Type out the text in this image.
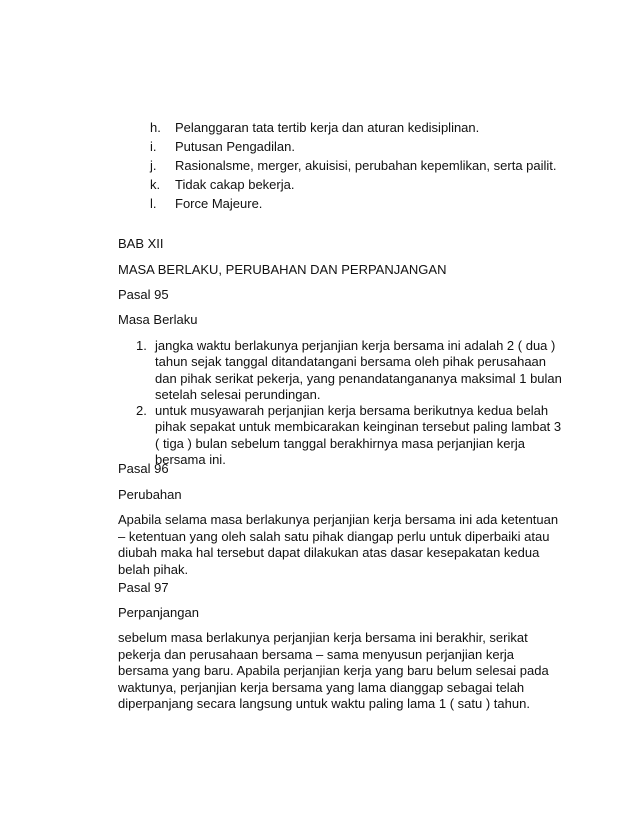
h. Pelanggaran tata tertib kerja dan aturan kedisiplinan.
i. Putusan Pengadilan.
j. Rasionalsme, merger, akuisisi, perubahan kepemlikan, serta pailit.
k. Tidak cakap bekerja.
l. Force Majeure.

BAB XII

MASA BERLAKU, PERUBAHAN DAN PERPANJANGAN

Pasal 95

Masa Berlaku

1. jangka waktu berlakunya perjanjian kerja bersama ini adalah 2 ( dua )
tahun sejak tanggal ditandatangani bersama oleh pihak perusahaan
dan pihak serikat pekerja, yang penandatangananya maksimal 1 bulan
setelah selesai perundingan.
2. untuk musyawarah perjanjian kerja bersama berikutnya kedua belah
pihak sepakat untuk membicarakan keinginan tersebut paling lambat 3
( tiga ) bulan sebelum tanggal berakhirnya masa perjanjian kerja
bersama ini.

Pasal 96

Perubahan

Apabila selama masa berlakunya perjanjian kerja bersama ini ada ketentuan
– ketentuan yang oleh salah satu pihak diangap perlu untuk diperbaiki atau
diubah maka hal tersebut dapat dilakukan atas dasar kesepakatan kedua
belah pihak.

Pasal 97

Perpanjangan

sebelum masa berlakunya perjanjian kerja bersama ini berakhir, serikat
pekerja dan perusahaan bersama – sama menyusun perjanjian kerja
bersama yang baru. Apabila perjanjian kerja yang baru belum selesai pada
waktunya, perjanjian kerja bersama yang lama dianggap sebagai telah
diperpanjang secara langsung untuk waktu paling lama 1 ( satu ) tahun.
